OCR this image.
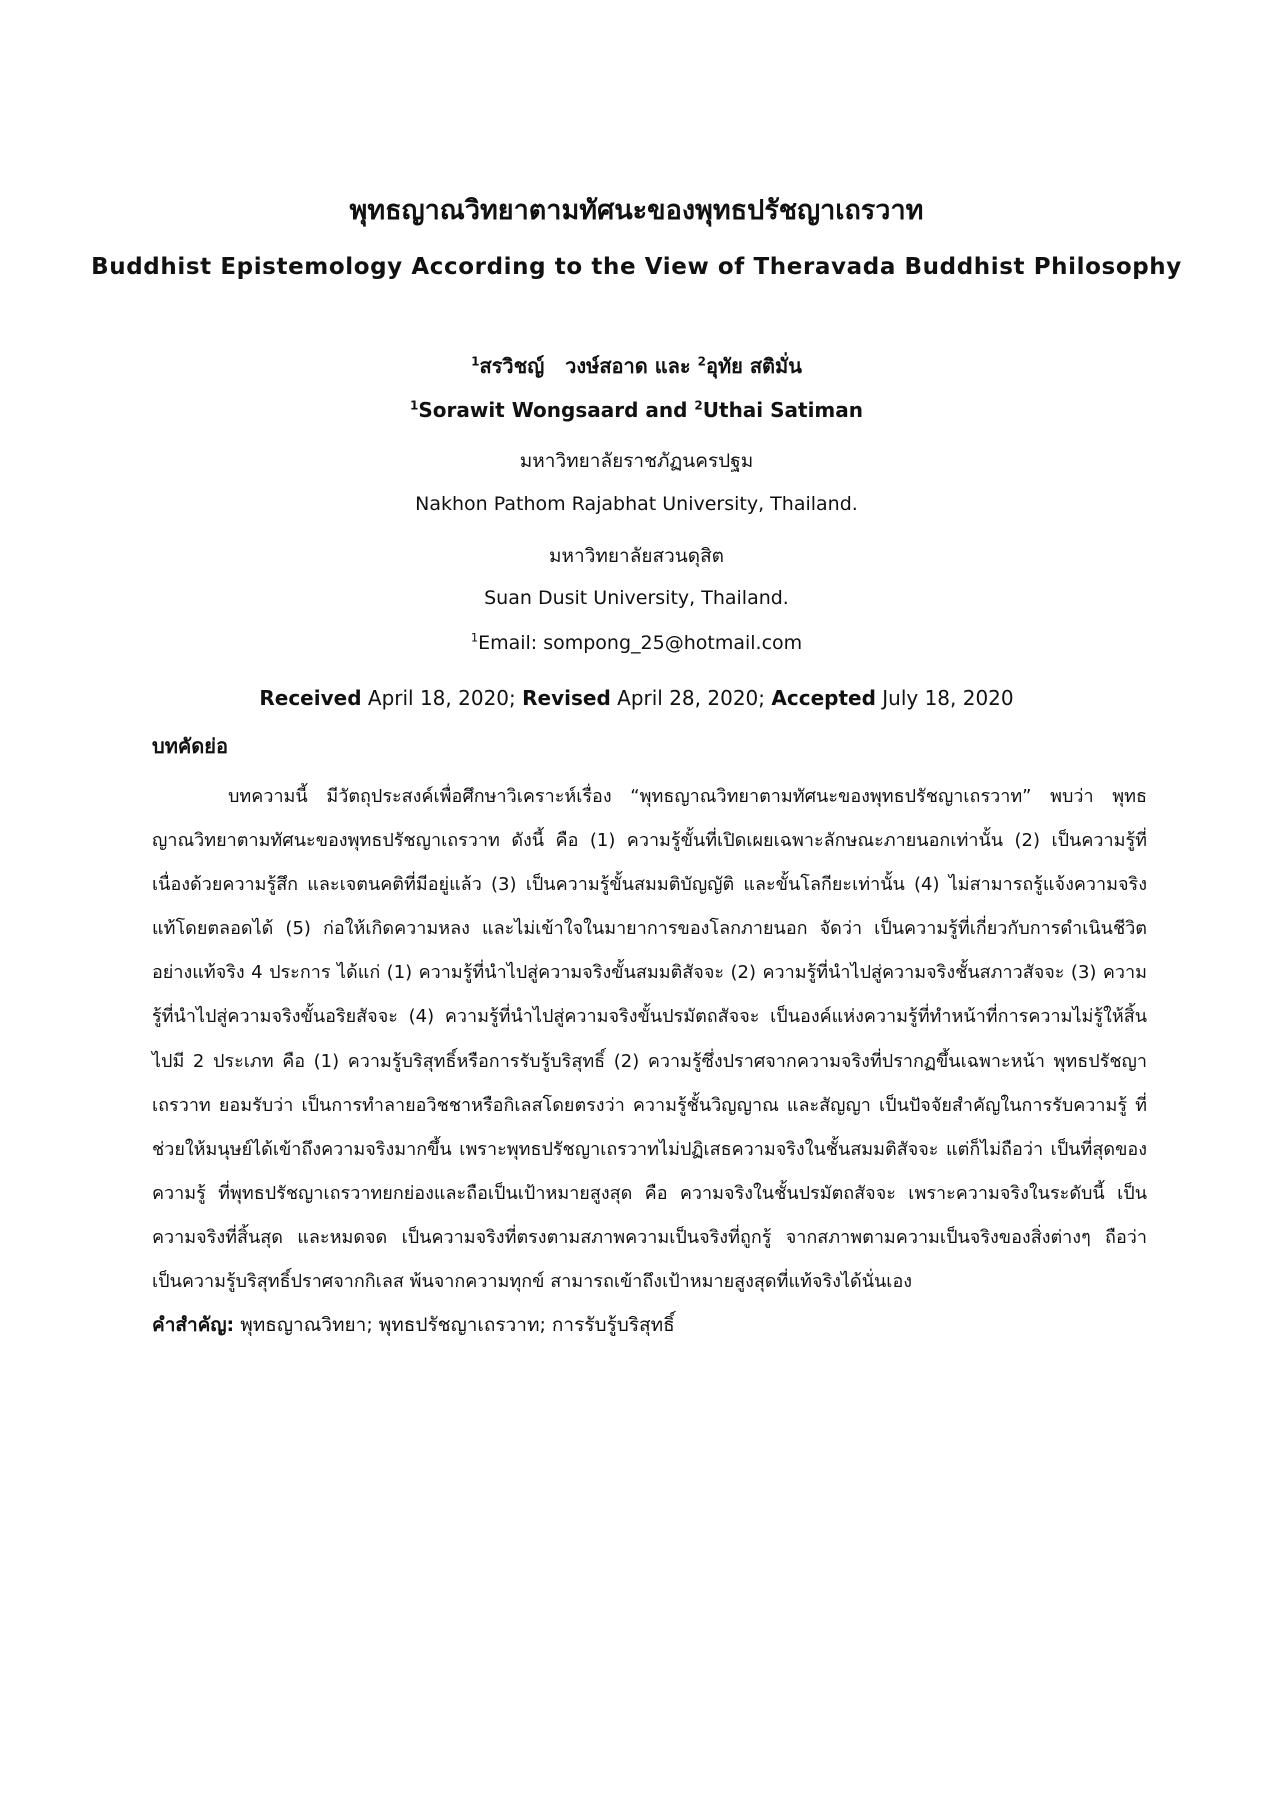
พุทธญาณวิทยาตามทัศนะของพุทธปรัชญาเถรวาท
Buddhist Epistemology According to the View of Theravada Buddhist Philosophy
$^1$สรวิชญ์   วงษ์สอาด และ $^2$อุทัย สติมั่น
$^1$Sorawit Wongsaard and $^2$Uthai Satiman
มหาวิทยาลัยราชภัฏนครปฐม
Nakhon Pathom Rajabhat University, Thailand.
มหาวิทยาลัยสวนดุสิต
Suan Dusit University, Thailand.
$^1$Email: sompong_25@hotmail.com
Received April 18, 2020; Revised April 28, 2020; Accepted July 18, 2020
บทคัดย่อ

บทความนี้ มีวัตถุประสงค์เพื่อศึกษาวิเคราะห์เรื่อง “พุทธญาณวิทยาตามทัศนะของพุทธปรัชญาเถรวาท” พบว่า พุทธญาณวิทยาตามทัศนะของพุทธปรัชญาเถรวาท ดังนี้ คือ (1) ความรู้ขั้นที่เปิดเผยเฉพาะลักษณะภายนอกเท่านั้น (2) เป็นความรู้ที่เนื่องด้วยความรู้สึก และเจตนคติที่มีอยู่แล้ว (3) เป็นความรู้ขั้นสมมติบัญญัติ และขั้นโลกียะเท่านั้น (4) ไม่สามารถรู้แจ้งความจริงแท้โดยตลอดได้ (5) ก่อให้เกิดความหลง และไม่เข้าใจในมายาการของโลกภายนอก จัดว่า เป็นความรู้ที่เกี่ยวกับการดำเนินชีวิตอย่างแท้จริง 4 ประการ ได้แก่ (1) ความรู้ที่นำไปสู่ความจริงขั้นสมมติสัจจะ (2) ความรู้ที่นำไปสู่ความจริงชั้นสภาวสัจจะ (3) ความรู้ที่นำไปสู่ความจริงขั้นอริยสัจจะ (4) ความรู้ที่นำไปสู่ความจริงขั้นปรมัตถสัจจะ เป็นองค์แห่งความรู้ที่ทำหน้าที่การความไม่รู้ให้สิ้นไปมี 2 ประเภท คือ (1) ความรู้บริสุทธิ์หรือการรับรู้บริสุทธิ์ (2) ความรู้ซึ่งปราศจากความจริงที่ปรากฏขึ้นเฉพาะหน้า พุทธปรัชญาเถรวาท ยอมรับว่า เป็นการทำลายอวิชชาหรือกิเลสโดยตรงว่า ความรู้ชั้นวิญญาณ และสัญญา เป็นปัจจัยสำคัญในการรับความรู้ ที่ช่วยให้มนุษย์ได้เข้าถึงความจริงมากขึ้น เพราะพุทธปรัชญาเถรวาทไม่ปฏิเสธความจริงในชั้นสมมติสัจจะ แต่ก็ไม่ถือว่า เป็นที่สุดของความรู้ ที่พุทธปรัชญาเถรวาทยกย่องและถือเป็นเป้าหมายสูงสุด คือ ความจริงในชั้นปรมัตถสัจจะ เพราะความจริงในระดับนี้ เป็นความจริงที่สิ้นสุด และหมดจด เป็นความจริงที่ตรงตามสภาพความเป็นจริงที่ถูกรู้ จากสภาพตามความเป็นจริงของสิ่งต่างๆ ถือว่า เป็นความรู้บริสุทธิ์ปราศจากกิเลส พ้นจากความทุกข์ สามารถเข้าถึงเป้าหมายสูงสุดที่แท้จริงได้นั่นเอง

คำสำคัญ: พุทธญาณวิทยา; พุทธปรัชญาเถรวาท; การรับรู้บริสุทธิ์
